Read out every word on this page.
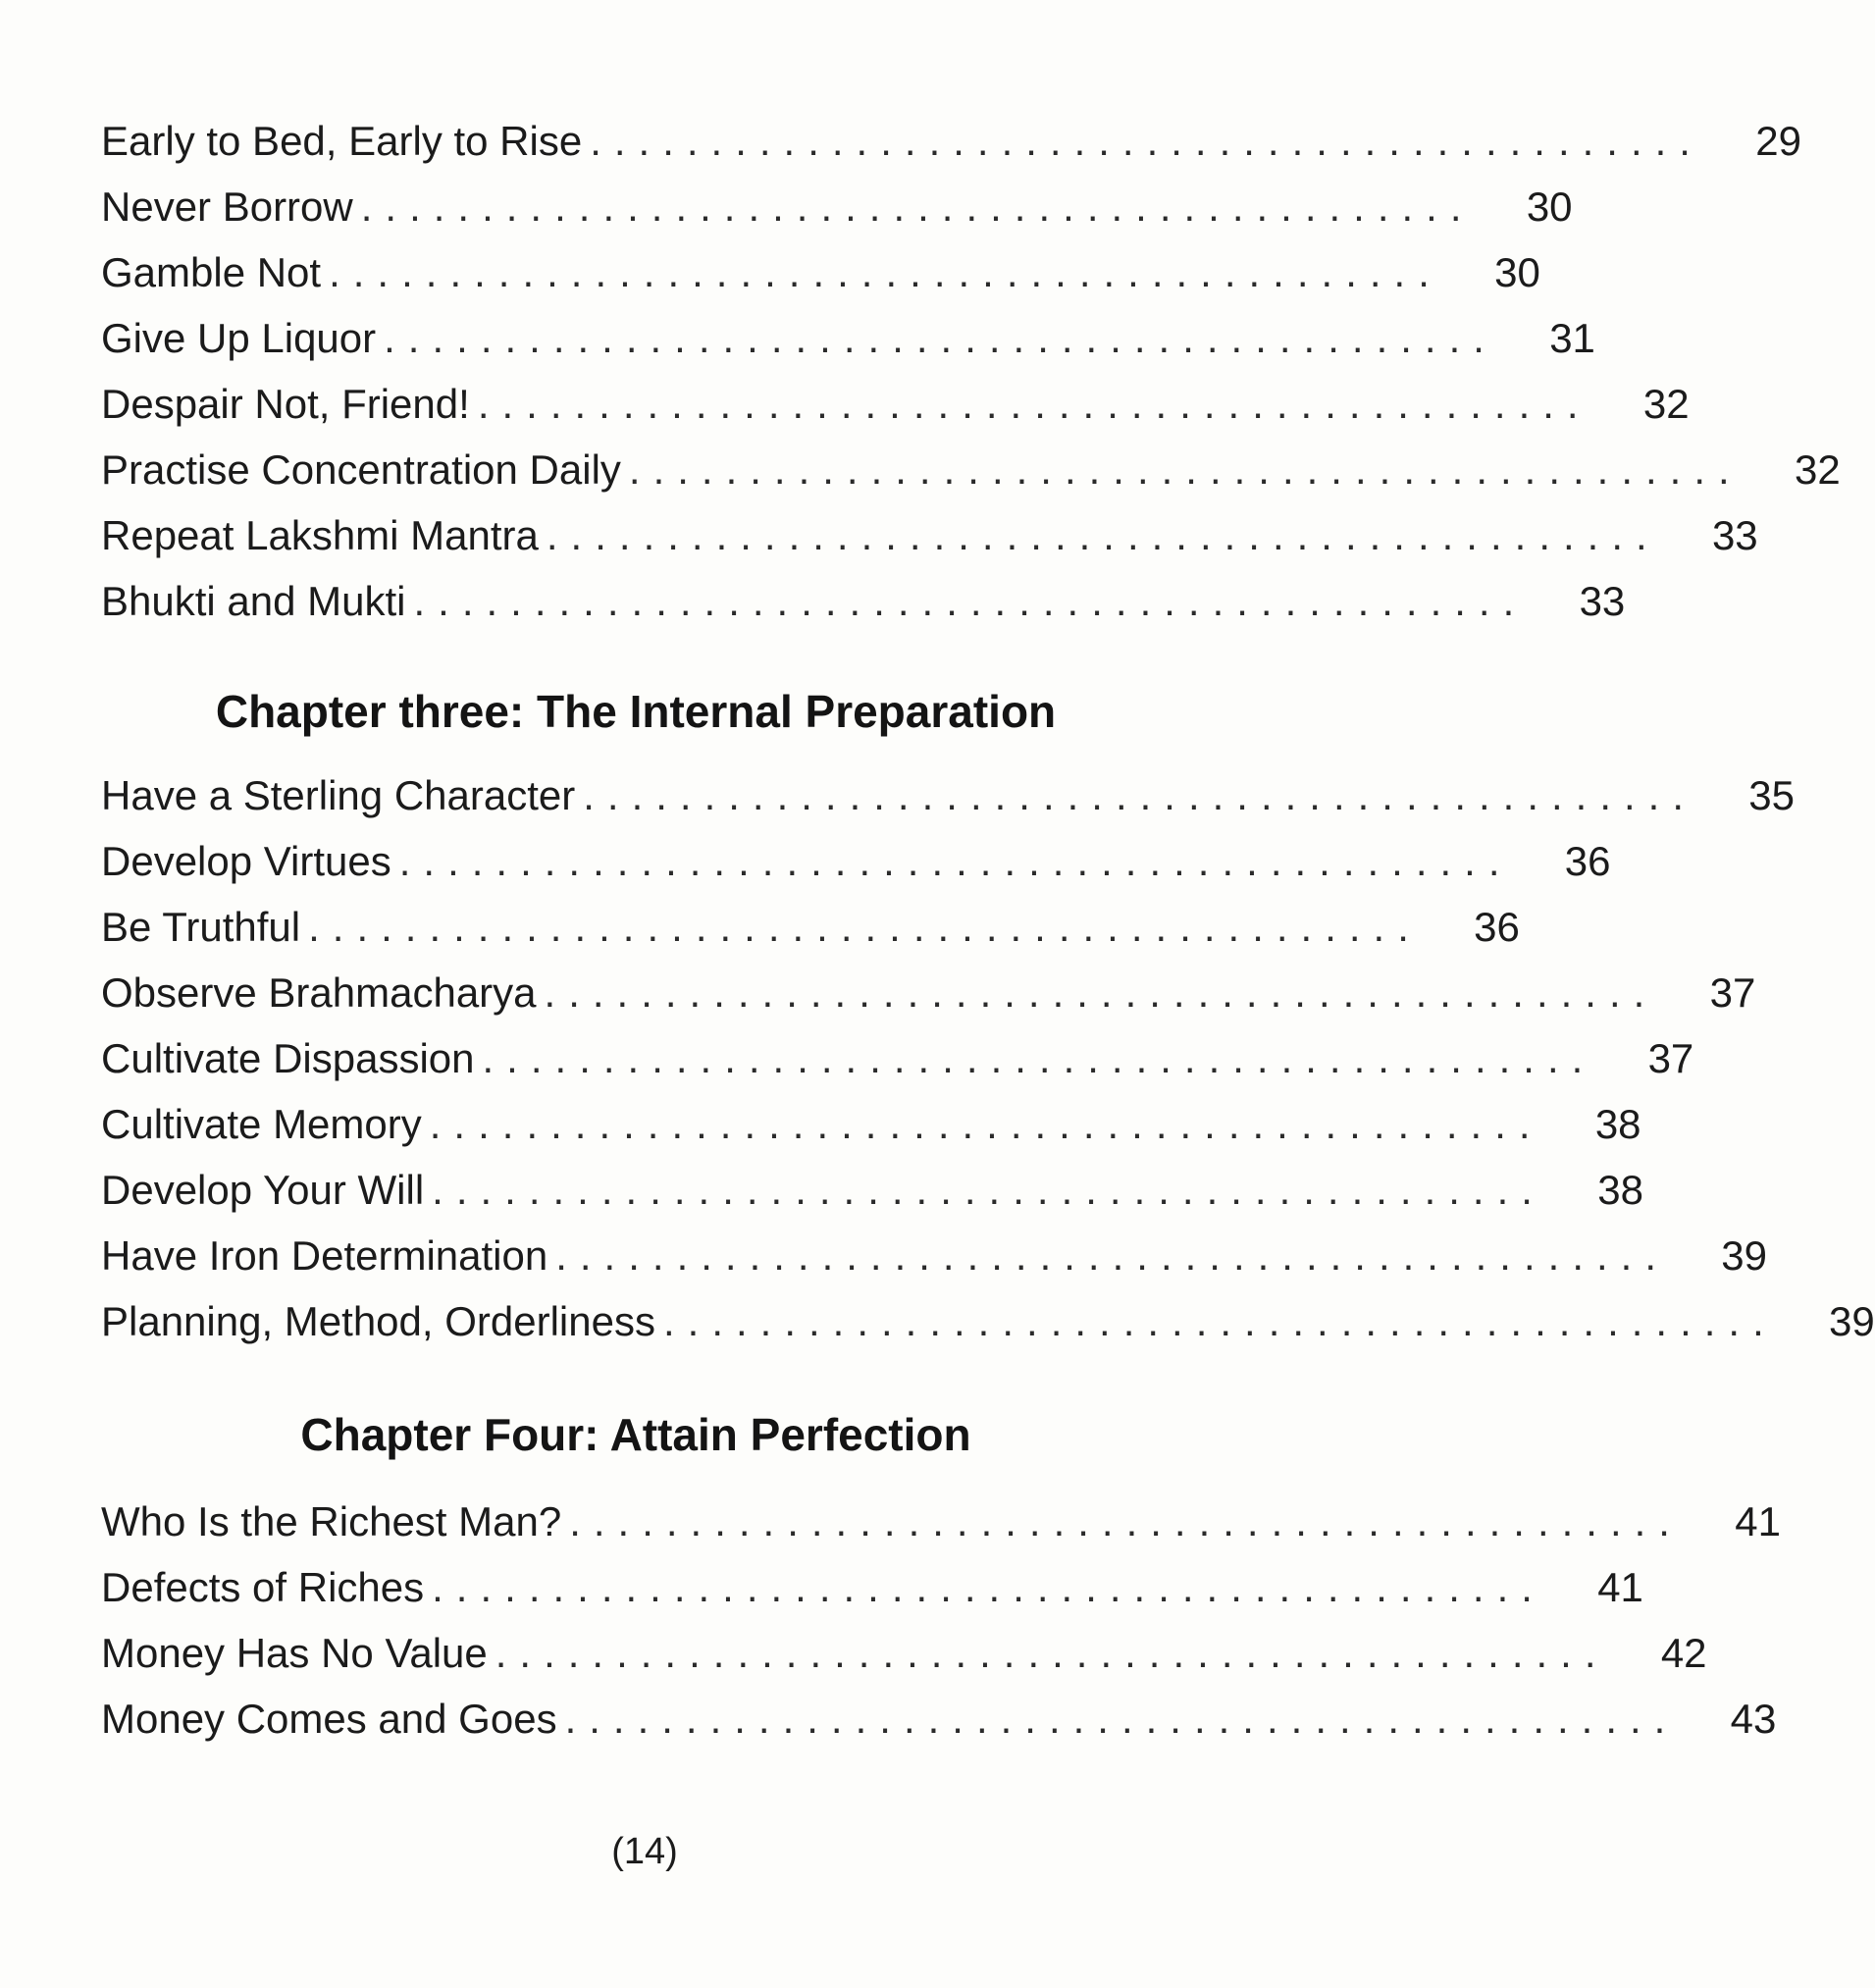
Early to Bed, Early to Rise ..............................................	29
Never Borrow ..............................................	30
Gamble Not ..............................................	30
Give Up Liquor ..............................................	31
Despair Not, Friend! ..............................................	32
Practise Concentration Daily ..............................................	32
Repeat Lakshmi Mantra ..............................................	33
Bhukti and Mukti ..............................................	33
Chapter three: The Internal Preparation
Have a Sterling Character ..............................................	35
Develop Virtues ..............................................	36
Be Truthful ..............................................	36
Observe Brahmacharya ..............................................	37
Cultivate Dispassion ..............................................	37
Cultivate Memory ..............................................	38
Develop Your Will ..............................................	38
Have Iron Determination ..............................................	39
Planning, Method, Orderliness ..............................................	39
Chapter Four: Attain Perfection
Who Is the Richest Man? ..............................................	41
Defects of Riches ..............................................	41
Money Has No Value ..............................................	42
Money Comes and Goes ..............................................	43
(14)
